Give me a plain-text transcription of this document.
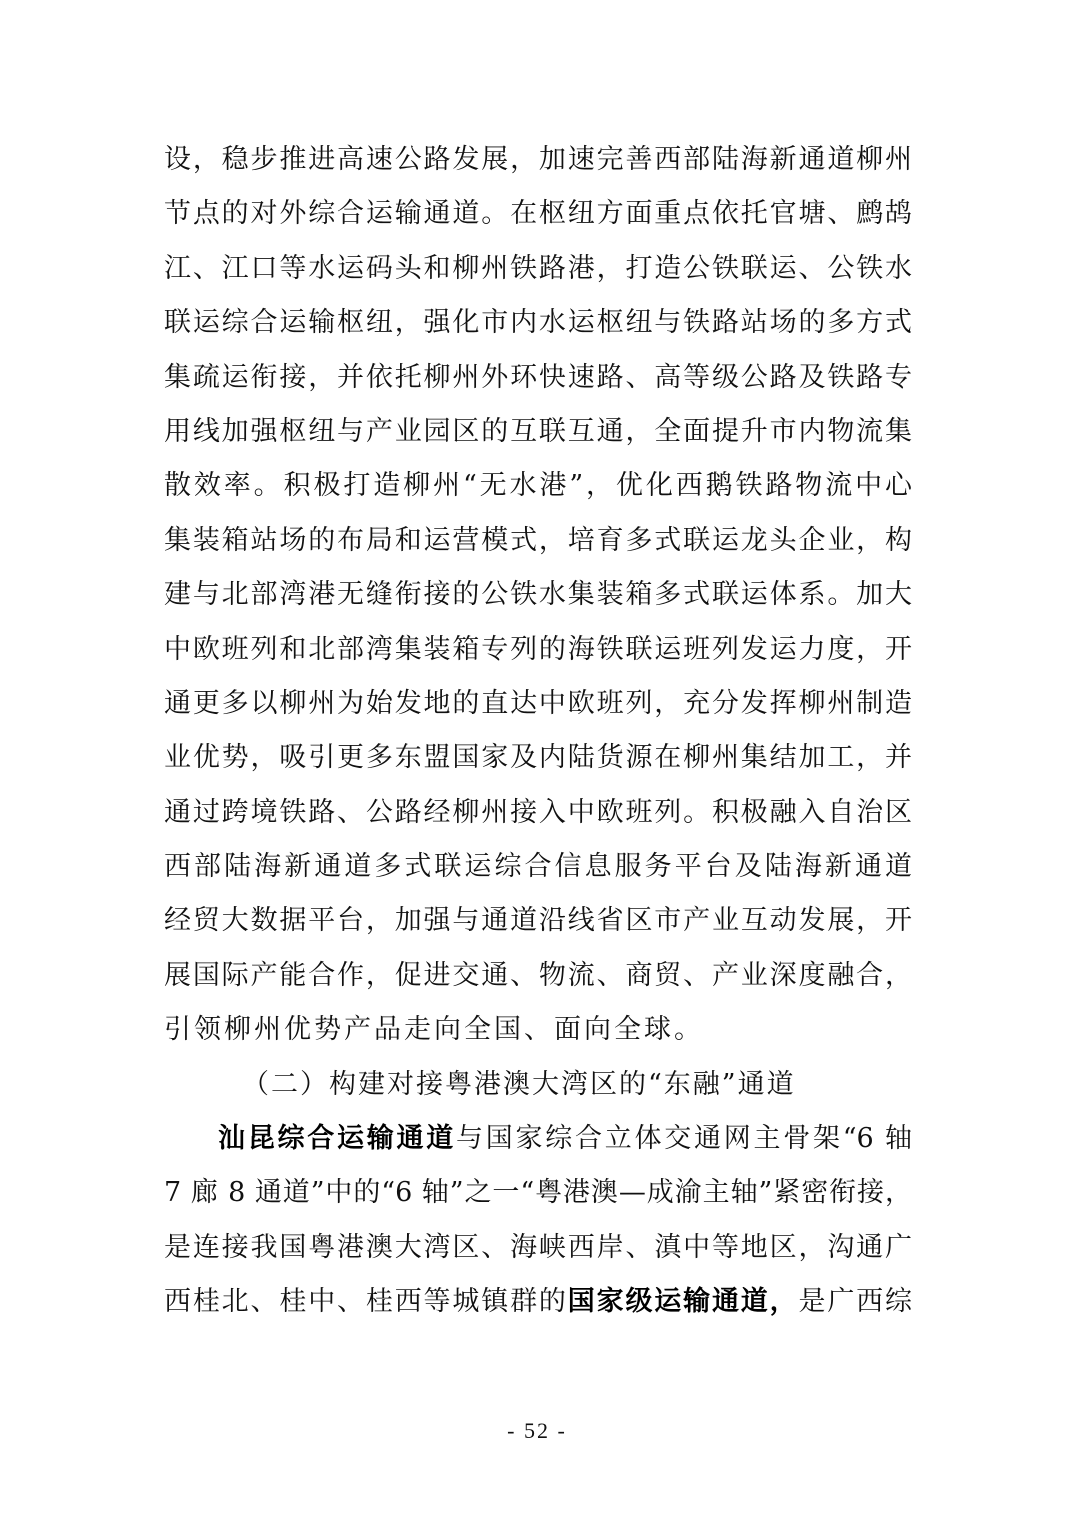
设，稳步推进高速公路发展，加速完善西部陆海新通道柳州
节点的对外综合运输通道。在枢纽方面重点依托官塘、鹧鸪
江、江口等水运码头和柳州铁路港，打造公铁联运、公铁水
联运综合运输枢纽，强化市内水运枢纽与铁路站场的多方式
集疏运衔接，并依托柳州外环快速路、高等级公路及铁路专
用线加强枢纽与产业园区的互联互通，全面提升市内物流集
散效率。积极打造柳州“无水港”，优化西鹅铁路物流中心
集装箱站场的布局和运营模式，培育多式联运龙头企业，构
建与北部湾港无缝衔接的公铁水集装箱多式联运体系。加大
中欧班列和北部湾集装箱专列的海铁联运班列发运力度，开
通更多以柳州为始发地的直达中欧班列，充分发挥柳州制造
业优势，吸引更多东盟国家及内陆货源在柳州集结加工，并
通过跨境铁路、公路经柳州接入中欧班列。积极融入自治区
西部陆海新通道多式联运综合信息服务平台及陆海新通道
经贸大数据平台，加强与通道沿线省区市产业互动发展，开
展国际产能合作，促进交通、物流、商贸、产业深度融合，
引领柳州优势产品走向全国、面向全球。
（二）构建对接粤港澳大湾区的“东融”通道
汕昆综合运输通道与国家综合立体交通网主骨架“6 轴
7 廊 8 通道”中的“6 轴”之一“粤港澳—成渝主轴”紧密衔接，
是连接我国粤港澳大湾区、海峡西岸、滇中等地区，沟通广
西桂北、桂中、桂西等城镇群的国家级运输通道，是广西综
- 52 -
